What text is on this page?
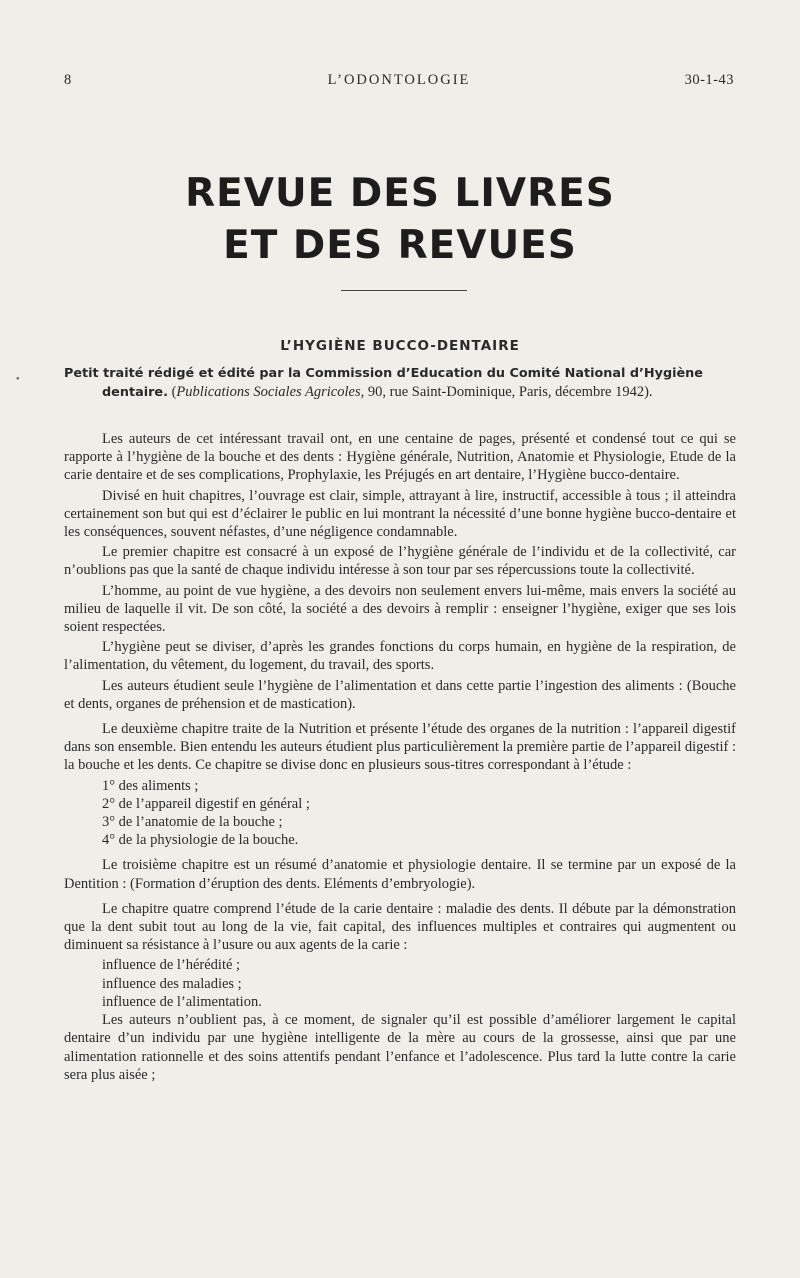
8	L’ODONTOLOGIE	30-1-43
REVUE DES LIVRES
ET DES REVUES
•
L’HYGIÈNE BUCCO-DENTAIRE
Petit traité rédigé et édité par la Commission d’Education du Comité National d’Hygiène
dentaire. (Publications Sociales Agricoles, 90, rue Saint-Dominique, Paris, décembre 1942).

Les auteurs de cet intéressant travail ont, en une centaine de pages, présenté et condensé tout ce qui se rapporte à l’hygiène de la bouche et des dents : Hygiène générale, Nutrition, Anatomie et Physiologie, Etude de la carie dentaire et de ses complications, Prophylaxie, les Préjugés en art dentaire, l’Hygiène bucco-dentaire.

Divisé en huit chapitres, l’ouvrage est clair, simple, attrayant à lire, instructif, accessible à tous ; il atteindra certainement son but qui est d’éclairer le public en lui montrant la nécessité d’une bonne hygiène bucco-dentaire et les conséquences, souvent néfastes, d’une négligence condamnable.

Le premier chapitre est consacré à un exposé de l’hygiène générale de l’individu et de la collectivité, car n’oublions pas que la santé de chaque individu intéresse à son tour par ses répercussions toute la collectivité.

L’homme, au point de vue hygiène, a des devoirs non seulement envers lui-même, mais envers la société au milieu de laquelle il vit. De son côté, la société a des devoirs à remplir : enseigner l’hygiène, exiger que ses lois soient respectées.

L’hygiène peut se diviser, d’après les grandes fonctions du corps humain, en hygiène de la respiration, de l’alimentation, du vêtement, du logement, du travail, des sports.

Les auteurs étudient seule l’hygiène de l’alimentation et dans cette partie l’ingestion des aliments : (Bouche et dents, organes de préhension et de mastication).

Le deuxième chapitre traite de la Nutrition et présente l’étude des organes de la nutrition : l’appareil digestif dans son ensemble. Bien entendu les auteurs étudient plus particulièrement la première partie de l’appareil digestif : la bouche et les dents. Ce chapitre se divise donc en plusieurs sous-titres correspondant à l’étude :

1° des aliments ;
2° de l’appareil digestif en général ;
3° de l’anatomie de la bouche ;
4° de la physiologie de la bouche.

Le troisième chapitre est un résumé d’anatomie et physiologie dentaire. Il se termine par un exposé de la Dentition : (Formation d’éruption des dents. Eléments d’embryologie).

Le chapitre quatre comprend l’étude de la carie dentaire : maladie des dents. Il débute par la démonstration que la dent subit tout au long de la vie, fait capital, des influences multiples et contraires qui augmentent ou diminuent sa résistance à l’usure ou aux agents de la carie :

influence de l’hérédité ;
influence des maladies ;
influence de l’alimentation.

Les auteurs n’oublient pas, à ce moment, de signaler qu’il est possible d’améliorer largement le capital dentaire d’un individu par une hygiène intelligente de la mère au cours de la grossesse, ainsi que par une alimentation rationnelle et des soins attentifs pendant l’enfance et l’adolescence. Plus tard la lutte contre la carie sera plus aisée ;
